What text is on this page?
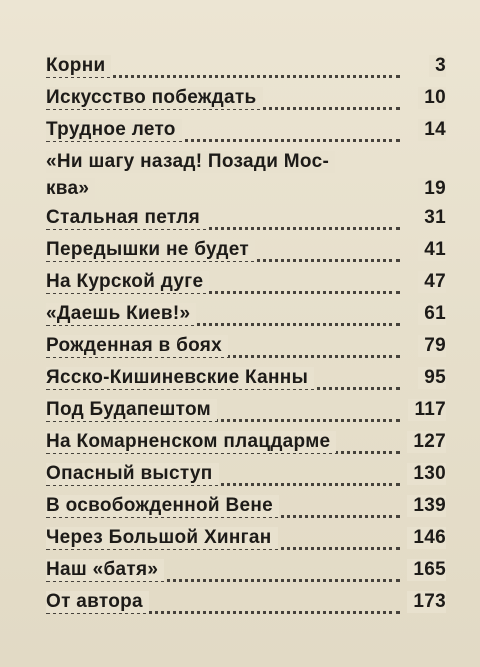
Корни	3
Искусство побеждать	10
Трудное лето	14
«Ни шагу назад! Позади Мос-
ква»	19
Стальная петля	31
Передышки не будет	41
На Курской дуге	47
«Даешь Киев!»	61
Рожденная в боях	79
Ясско-Кишиневские Канны	95
Под Будапештом	117
На Комарненском плацдарме	127
Опасный выступ	130
В освобожденной Вене	139
Через Большой Хинган	146
Наш «батя»	165
От автора	173
